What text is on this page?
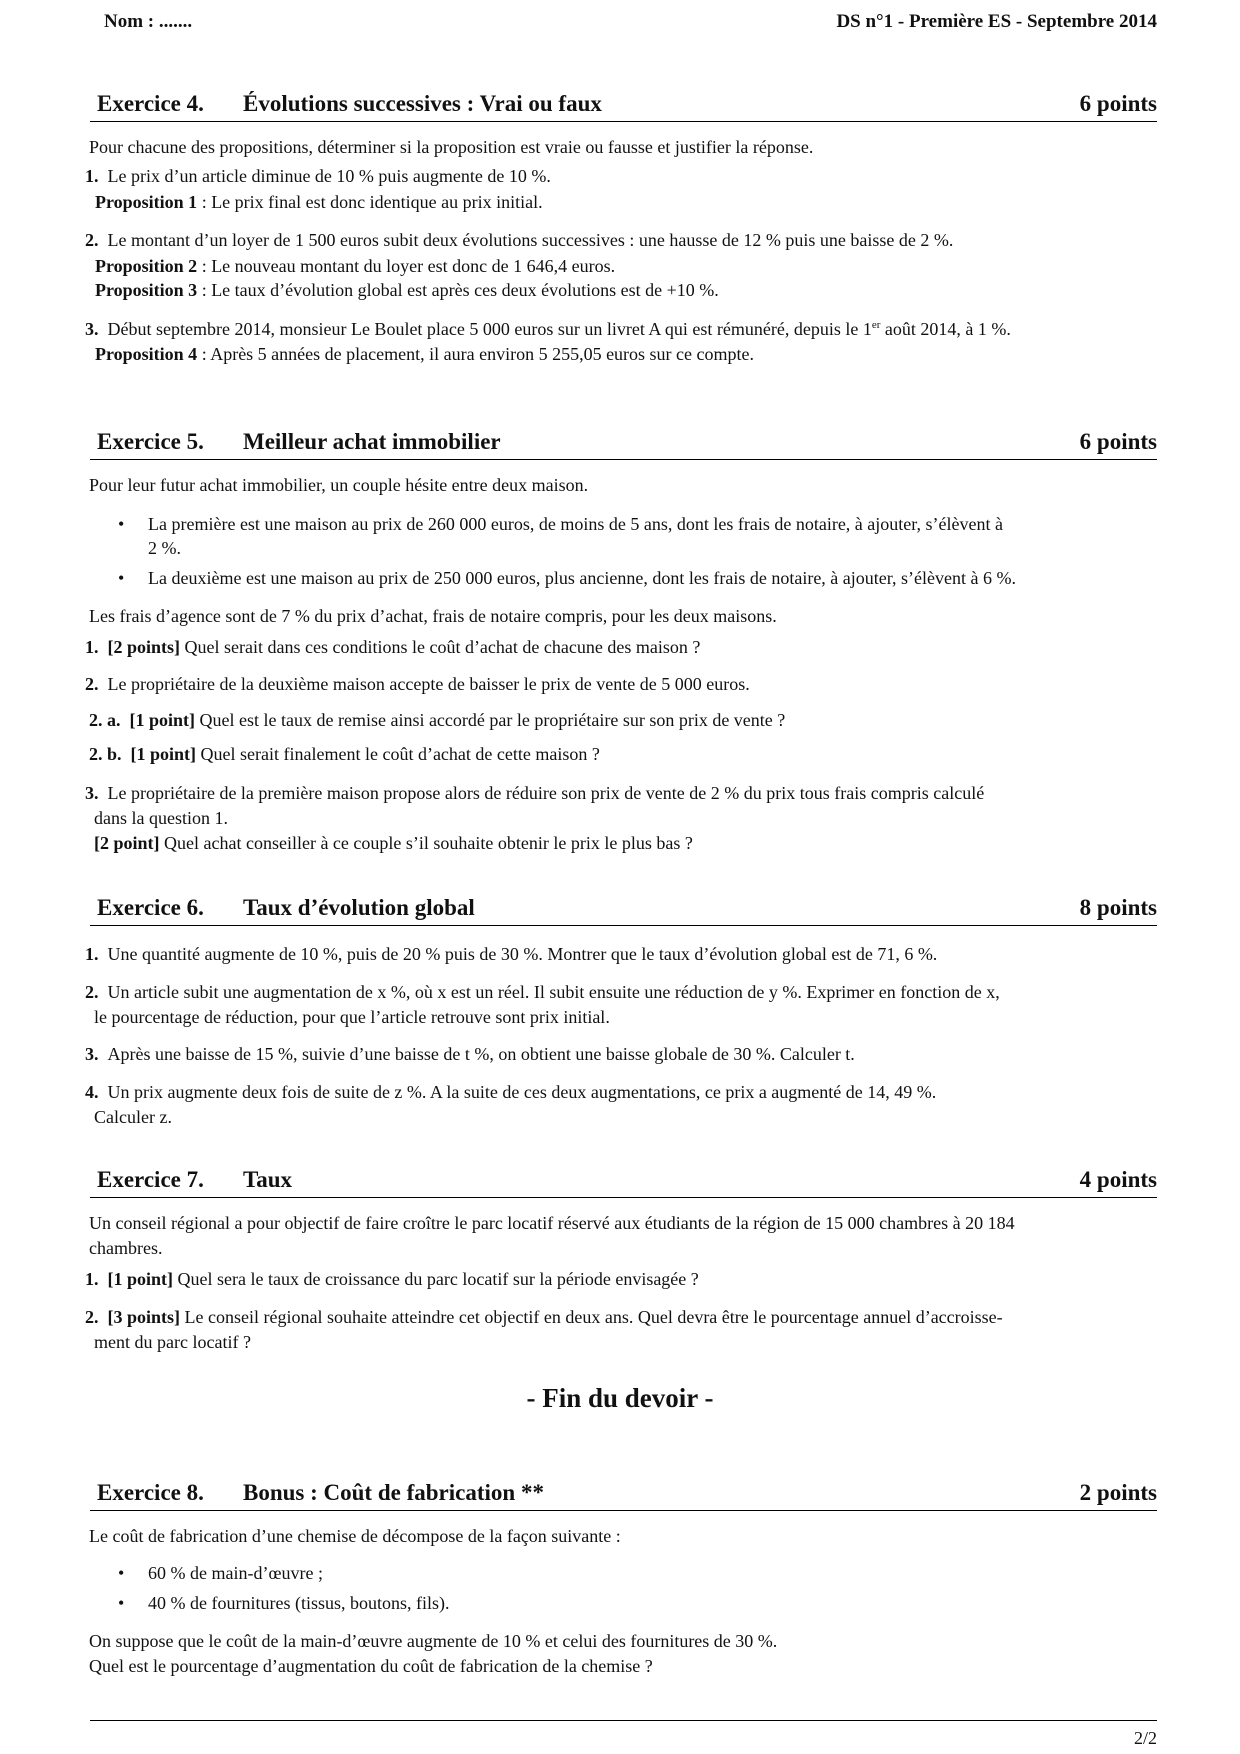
Nom : .......	DS n°1 - Première ES - Septembre 2014
Exercice 4. Évolutions successives : Vrai ou faux	6 points
Pour chacune des propositions, déterminer si la proposition est vraie ou fausse et justifier la réponse.
1. Le prix d’un article diminue de 10 % puis augmente de 10 %.
Proposition 1 : Le prix final est donc identique au prix initial.
2. Le montant d’un loyer de 1 500 euros subit deux évolutions successives : une hausse de 12 % puis une baisse de 2 %.
Proposition 2 : Le nouveau montant du loyer est donc de 1 646,4 euros.
Proposition 3 : Le taux d’évolution global est après ces deux évolutions est de +10 %.
3. Début septembre 2014, monsieur Le Boulet place 5 000 euros sur un livret A qui est rémunéré, depuis le 1er août 2014, à 1 %.
Proposition 4 : Après 5 années de placement, il aura environ 5 255,05 euros sur ce compte.
Exercice 5. Meilleur achat immobilier	6 points
Pour leur futur achat immobilier, un couple hésite entre deux maison.
• La première est une maison au prix de 260 000 euros, de moins de 5 ans, dont les frais de notaire, à ajouter, s’élèvent à
2 %.
• La deuxième est une maison au prix de 250 000 euros, plus ancienne, dont les frais de notaire, à ajouter, s’élèvent à 6 %.
Les frais d’agence sont de 7 % du prix d’achat, frais de notaire compris, pour les deux maisons.
1. [2 points] Quel serait dans ces conditions le coût d’achat de chacune des maison ?
2. Le propriétaire de la deuxième maison accepte de baisser le prix de vente de 5 000 euros.
2. a. [1 point] Quel est le taux de remise ainsi accordé par le propriétaire sur son prix de vente ?
2. b. [1 point] Quel serait finalement le coût d’achat de cette maison ?
3. Le propriétaire de la première maison propose alors de réduire son prix de vente de 2 % du prix tous frais compris calculé
dans la question 1.
[2 point] Quel achat conseiller à ce couple s’il souhaite obtenir le prix le plus bas ?
Exercice 6. Taux d’évolution global	8 points
1. Une quantité augmente de 10 %, puis de 20 % puis de 30 %. Montrer que le taux d’évolution global est de 71, 6 %.
2. Un article subit une augmentation de x %, où x est un réel. Il subit ensuite une réduction de y %. Exprimer en fonction de x,
le pourcentage de réduction, pour que l’article retrouve sont prix initial.
3. Après une baisse de 15 %, suivie d’une baisse de t %, on obtient une baisse globale de 30 %. Calculer t.
4. Un prix augmente deux fois de suite de z %. A la suite de ces deux augmentations, ce prix a augmenté de 14, 49 %.
Calculer z.
Exercice 7. Taux	4 points
Un conseil régional a pour objectif de faire croître le parc locatif réservé aux étudiants de la région de 15 000 chambres à 20 184
chambres.
1. [1 point] Quel sera le taux de croissance du parc locatif sur la période envisagée ?
2. [3 points] Le conseil régional souhaite atteindre cet objectif en deux ans. Quel devra être le pourcentage annuel d’accroisse-
ment du parc locatif ?
- Fin du devoir -
Exercice 8. Bonus : Coût de fabrication **	2 points
Le coût de fabrication d’une chemise de décompose de la façon suivante :
• 60 % de main-d’œuvre ;
• 40 % de fournitures (tissus, boutons, fils).
On suppose que le coût de la main-d’œuvre augmente de 10 % et celui des fournitures de 30 %.
Quel est le pourcentage d’augmentation du coût de fabrication de la chemise ?
2/2
